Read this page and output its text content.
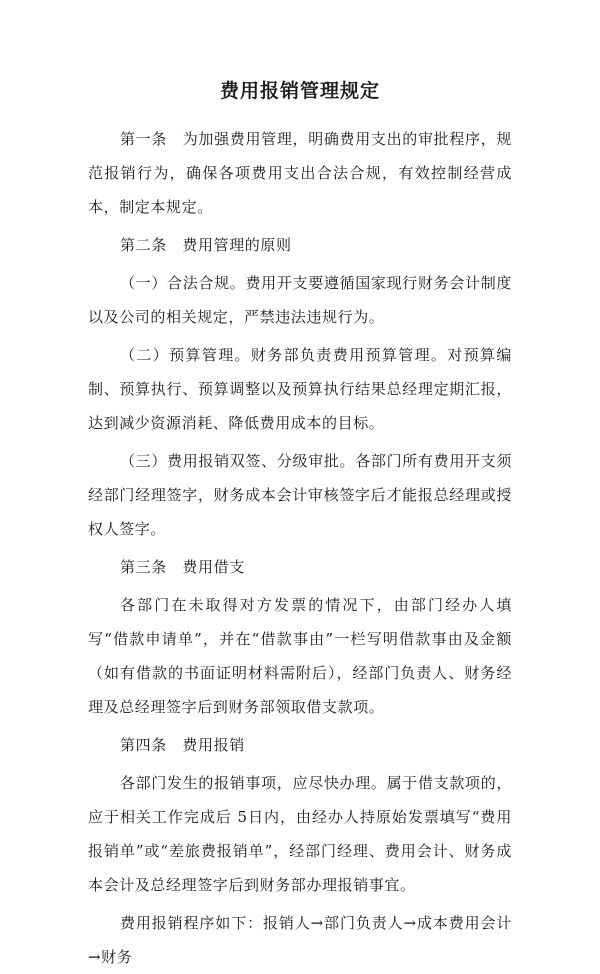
费用报销管理规定

第一条　为加强费用管理，明确费用支出的审批程序，规范报销行为，确保各项费用支出合法合规，有效控制经营成本，制定本规定。

第二条　费用管理的原则

（一）合法合规。费用开支要遵循国家现行财务会计制度以及公司的相关规定，严禁违法违规行为。

（二）预算管理。财务部负责费用预算管理。对预算编制、预算执行、预算调整以及预算执行结果总经理定期汇报，达到减少资源消耗、降低费用成本的目标。

（三）费用报销双签、分级审批。各部门所有费用开支须经部门经理签字，财务成本会计审核签字后才能报总经理或授权人签字。

第三条　费用借支

各部门在未取得对方发票的情况下，由部门经办人填写“借款申请单”，并在“借款事由”一栏写明借款事由及金额（如有借款的书面证明材料需附后），经部门负责人、财务经理及总经理签字后到财务部领取借支款项。

第四条　费用报销

各部门发生的报销事项，应尽快办理。属于借支款项的，应于相关工作完成后 5日内，由经办人持原始发票填写“费用报销单”或“差旅费报销单”，经部门经理、费用会计、财务成本会计及总经理签字后到财务部办理报销事宜。

费用报销程序如下：报销人→部门负责人→成本费用会计→财务
